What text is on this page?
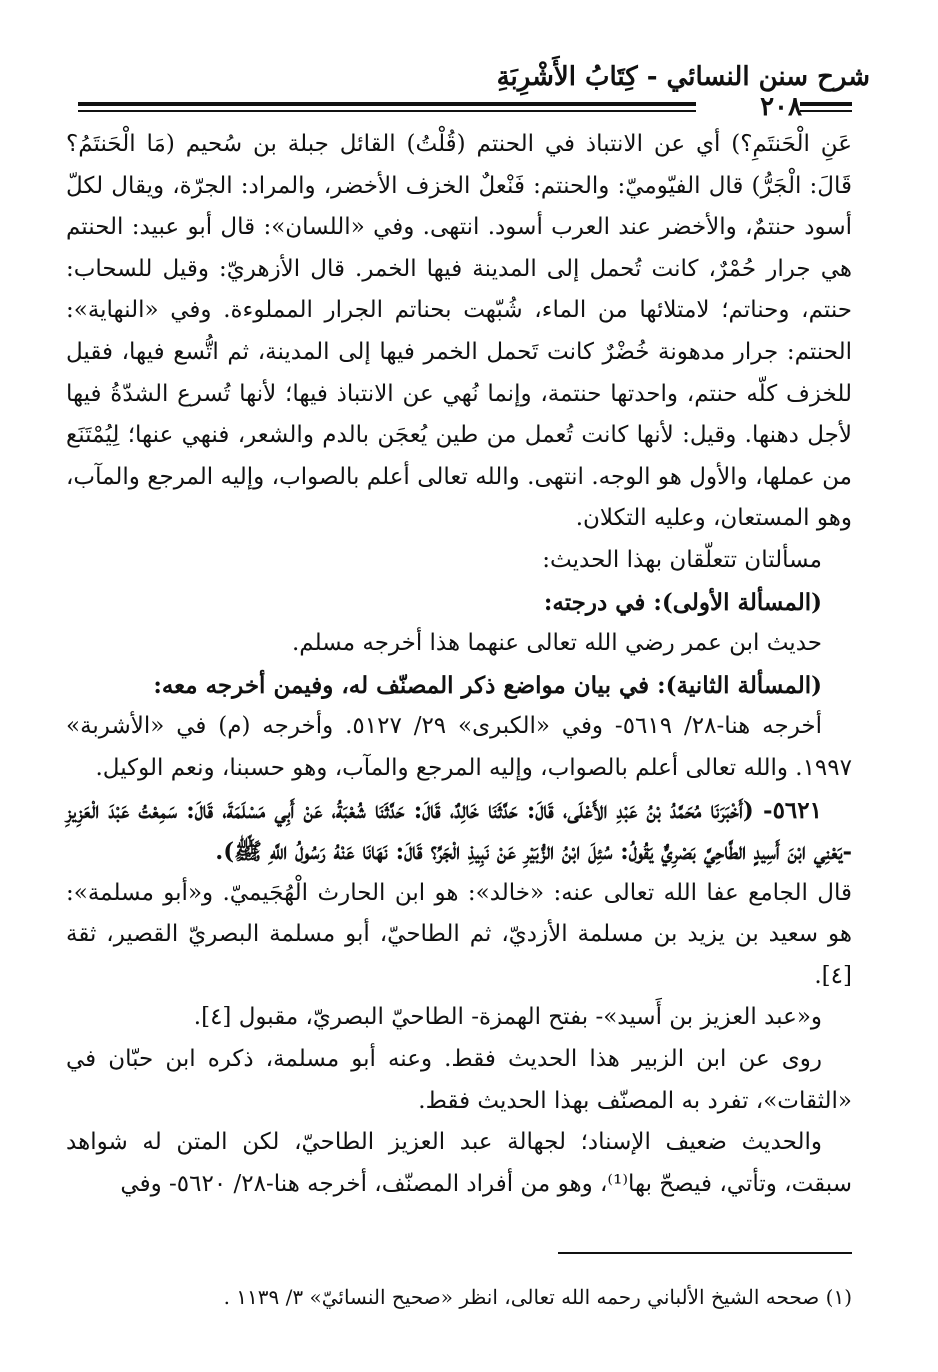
شرح سنن النسائي - كِتَابُ الأَشْرِبَةِ
٢٠٨

عَنِ الْحَنتَمِ؟) أي عن الانتباذ في الحنتم (قُلْتُ) القائل جبلة بن سُحيم (مَا الْحَنتَمُ؟ قَالَ: الْجَرُّ) قال الفيّوميّ: والحنتم: فَنْعلٌ الخزف الأخضر، والمراد: الجرّة، ويقال لكلّ أسود حنتمٌ، والأخضر عند العرب أسود. انتهى. وفي «اللسان»: قال أبو عبيد: الحنتم هي جرار حُمْرٌ، كانت تُحمل إلى المدينة فيها الخمر. قال الأزهريّ: وقيل للسحاب: حنتم، وحناتم؛ لامتلائها من الماء، شُبّهت بحناتم الجرار المملوءة. وفي «النهاية»: الحنتم: جرار مدهونة خُضْرٌ كانت تَحمل الخمر فيها إلى المدينة، ثم اتُّسع فيها، فقيل للخزف كلّه حنتم، واحدتها حنتمة، وإنما نُهي عن الانتباذ فيها؛ لأنها تُسرع الشدّةُ فيها لأجل دهنها. وقيل: لأنها كانت تُعمل من طين يُعجَن بالدم والشعر، فنهي عنها؛ لِيُمْتَنَع من عملها، والأول هو الوجه. انتهى. والله تعالى أعلم بالصواب، وإليه المرجع والمآب، وهو المستعان، وعليه التكلان.

مسألتان تتعلّقان بهذا الحديث:

(المسألة الأولى): في درجته:

حديث ابن عمر رضي الله تعالى عنهما هذا أخرجه مسلم.

(المسألة الثانية): في بيان مواضع ذكر المصنّف له، وفيمن أخرجه معه:

أخرجه هنا-٢٨/ ٥٦١٩- وفي «الكبرى» ٢٩/ ٥١٢٧. وأخرجه (م) في «الأشربة» ١٩٩٧. والله تعالى أعلم بالصواب، وإليه المرجع والمآب، وهو حسبنا، ونعم الوكيل.

٥٦٢١- (أَخْبَرَنَا مُحَمَّدُ بْنُ عَبْدِ الأَعْلَى، قَالَ: حَدَّثَنَا خَالِدٌ، قَالَ: حَدَّثَنَا شُعْبَةُ، عَنْ أَبِي مَسْلَمَةَ، قَالَ: سَمِعْتُ عَبْدَ الْعَزِيزِ -يَعْنِي ابْنَ أَسِيدٍ الطَّاحِيَّ بَصْرِيٌّ يَقُولُ: سُئِلَ ابْنُ الزُّبَيْرِ عَنْ نَبِيذِ الْجَرِّ؟ قَالَ: نَهَانَا عَنْهُ رَسُولُ اللَّهِ ﷺ).

قال الجامع عفا الله تعالى عنه: «خالد»: هو ابن الحارث الْهُجَيميّ. و«أبو مسلمة»: هو سعيد بن يزيد بن مسلمة الأزديّ، ثم الطاحيّ، أبو مسلمة البصريّ القصير، ثقة [٤].

و«عبد العزيز بن أَسيد»- بفتح الهمزة- الطاحيّ البصريّ، مقبول [٤].

روى عن ابن الزبير هذا الحديث فقط. وعنه أبو مسلمة، ذكره ابن حبّان في «الثقات»، تفرد به المصنّف بهذا الحديث فقط.

والحديث ضعيف الإسناد؛ لجهالة عبد العزيز الطاحيّ، لكن المتن له شواهد سبقت، وتأتي، فيصحّ بها⁽¹⁾، وهو من أفراد المصنّف، أخرجه هنا-٢٨/ ٥٦٢٠- وفي

(١) صححه الشيخ الألباني رحمه الله تعالى، انظر «صحيح النسائيّ» ٣/ ١١٣٩ .
